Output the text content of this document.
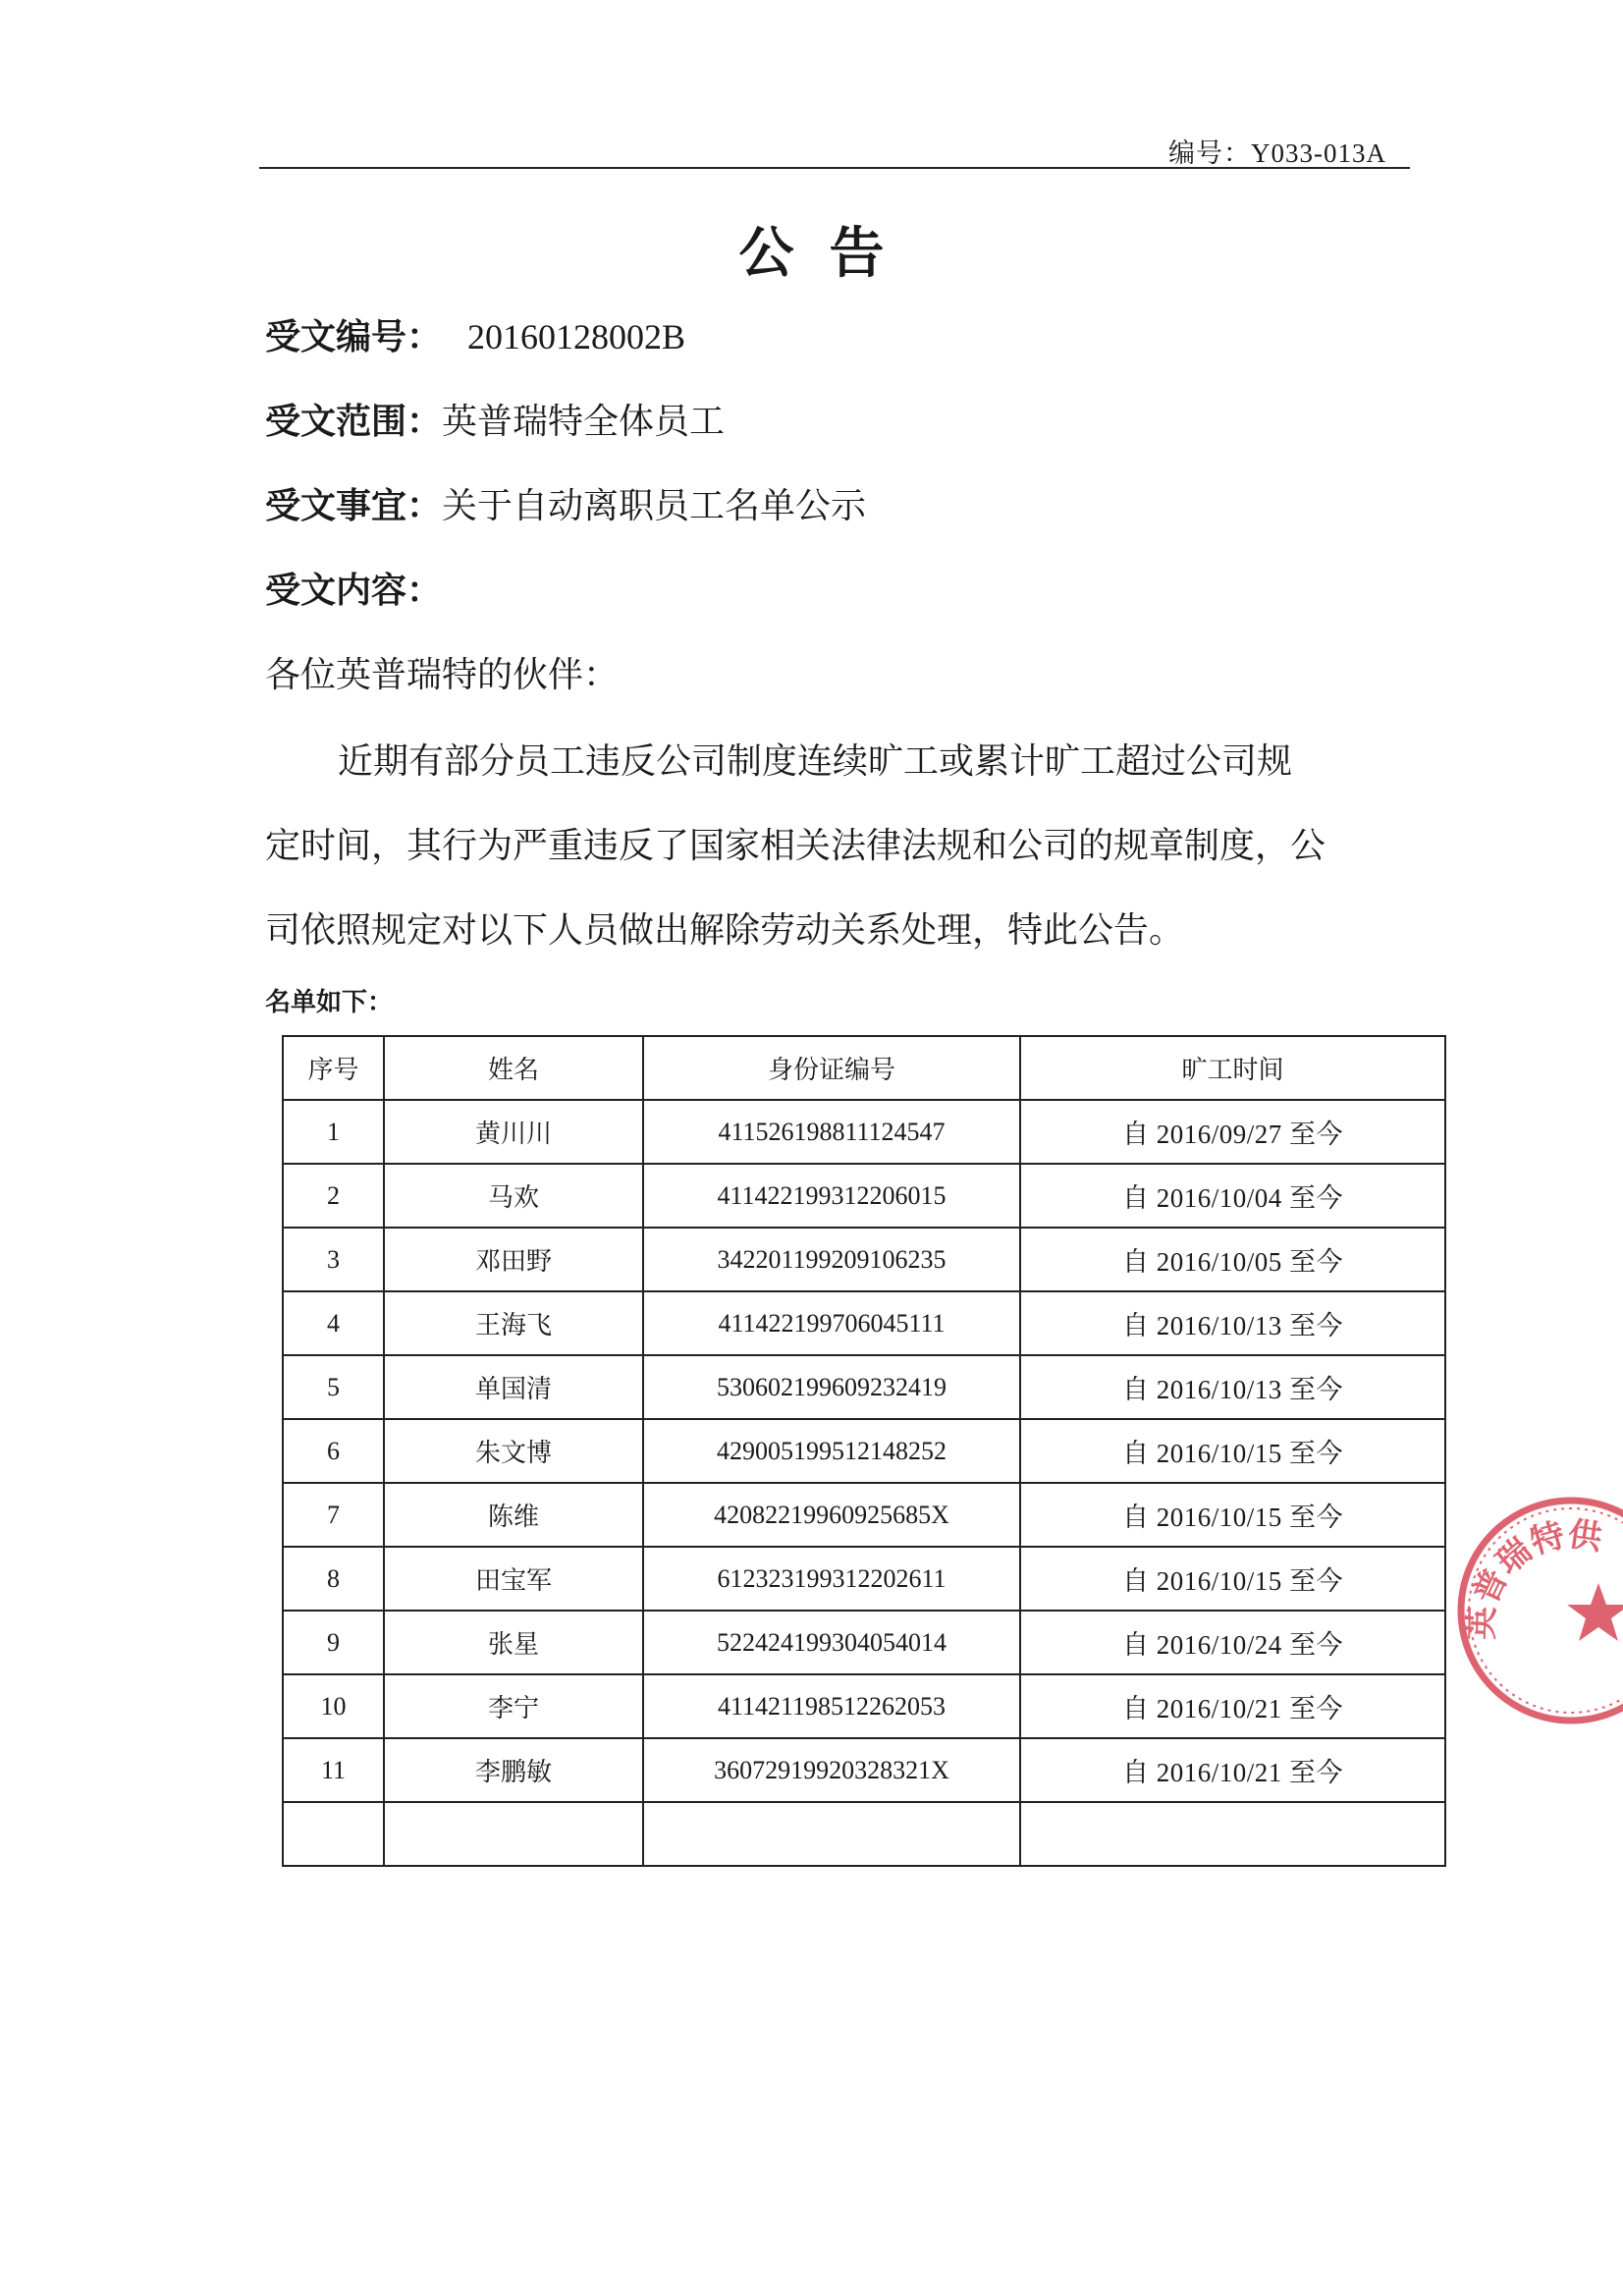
编号：Y033-013A
公告
受文编号： 20160128002B
受文范围：英普瑞特全体员工
受文事宜：关于自动离职员工名单公示
受文内容：
各位英普瑞特的伙伴：
近期有部分员工违反公司制度连续旷工或累计旷工超过公司规
定时间，其行为严重违反了国家相关法律法规和公司的规章制度，公
司依照规定对以下人员做出解除劳动关系处理，特此公告。
名单如下：
序号	姓名	身份证编号	旷工时间
1	黄川川	411526198811124547	自 2016/09/27 至今
2	马欢	411422199312206015	自 2016/10/04 至今
3	邓田野	342201199209106235	自 2016/10/05 至今
4	王海飞	411422199706045111	自 2016/10/13 至今
5	单国清	530602199609232419	自 2016/10/13 至今
6	朱文博	429005199512148252	自 2016/10/15 至今
7	陈维	42082219960925685X	自 2016/10/15 至今
8	田宝军	612323199312202611	自 2016/10/15 至今
9	张星	522424199304054014	自 2016/10/24 至今
10	李宁	411421198512262053	自 2016/10/21 至今
11	李鹏敏	36072919920328321X	自 2016/10/21 至今

英普瑞特供
